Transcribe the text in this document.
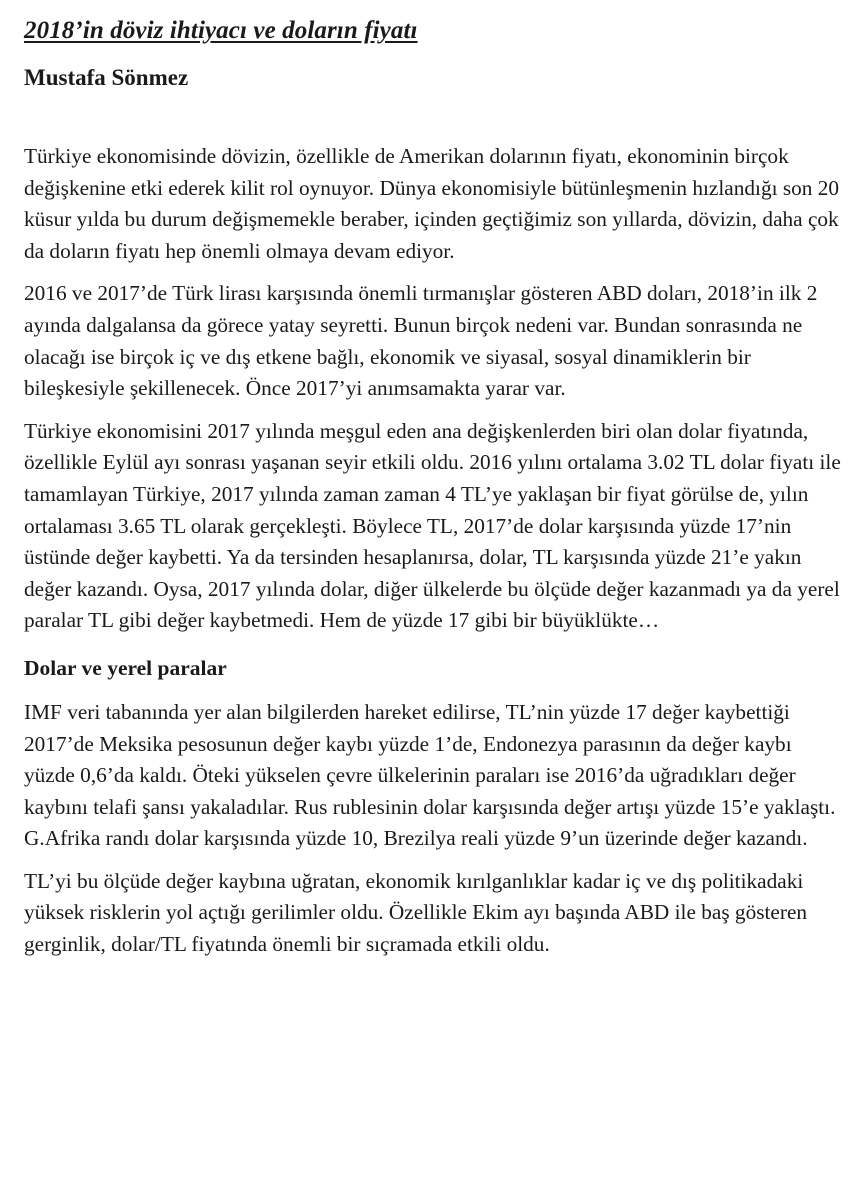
2018’in döviz ihtiyacı ve doların fiyatı
Mustafa Sönmez

Türkiye ekonomisinde dövizin, özellikle de Amerikan dolarının fiyatı, ekonominin birçok değişkenine etki ederek kilit rol oynuyor. Dünya ekonomisiyle bütünleşmenin hızlandığı son 20 küsur yılda bu durum değişmemekle beraber, içinden geçtiğimiz son yıllarda, dövizin, daha çok da doların fiyatı hep önemli olmaya devam ediyor.

2016 ve 2017’de Türk lirası karşısında önemli tırmanışlar gösteren ABD doları, 2018’in ilk 2 ayında dalgalansa da görece yatay seyretti. Bunun birçok nedeni var. Bundan sonrasında ne olacağı ise birçok iç ve dış etkene bağlı, ekonomik ve siyasal, sosyal dinamiklerin bir bileşkesiyle şekillenecek. Önce 2017’yi anımsamakta yarar var.

Türkiye ekonomisini 2017 yılında meşgul eden ana değişkenlerden biri olan dolar fiyatında, özellikle Eylül ayı sonrası yaşanan seyir etkili oldu. 2016 yılını ortalama 3.02 TL dolar fiyatı ile tamamlayan Türkiye, 2017 yılında zaman zaman 4 TL’ye yaklaşan bir fiyat görülse de, yılın ortalaması 3.65 TL olarak gerçekleşti. Böylece TL, 2017’de dolar karşısında yüzde 17’nin üstünde değer kaybetti. Ya da tersinden hesaplanırsa, dolar, TL karşısında yüzde 21’e yakın değer kazandı. Oysa, 2017 yılında dolar, diğer ülkelerde bu ölçüde değer kazanmadı ya da yerel paralar TL gibi değer kaybetmedi. Hem de yüzde 17 gibi bir büyüklükte…

Dolar ve yerel paralar

IMF veri tabanında yer alan bilgilerden hareket edilirse, TL’nin yüzde 17 değer kaybettiği 2017’de Meksika pesosunun değer kaybı yüzde 1’de, Endonezya parasının da değer kaybı yüzde 0,6’da kaldı. Öteki yükselen çevre ülkelerinin paraları ise 2016’da uğradıkları değer kaybını telafi şansı yakaladılar. Rus rublesinin dolar karşısında değer artışı yüzde 15’e yaklaştı. G.Afrika randı dolar karşısında yüzde 10, Brezilya reali yüzde 9’un üzerinde değer kazandı.

TL’yi bu ölçüde değer kaybına uğratan, ekonomik kırılganlıklar kadar iç ve dış politikadaki yüksek risklerin yol açtığı gerilimler oldu. Özellikle Ekim ayı başında ABD ile baş gösteren gerginlik, dolar/TL fiyatında önemli bir sıçramada etkili oldu.
